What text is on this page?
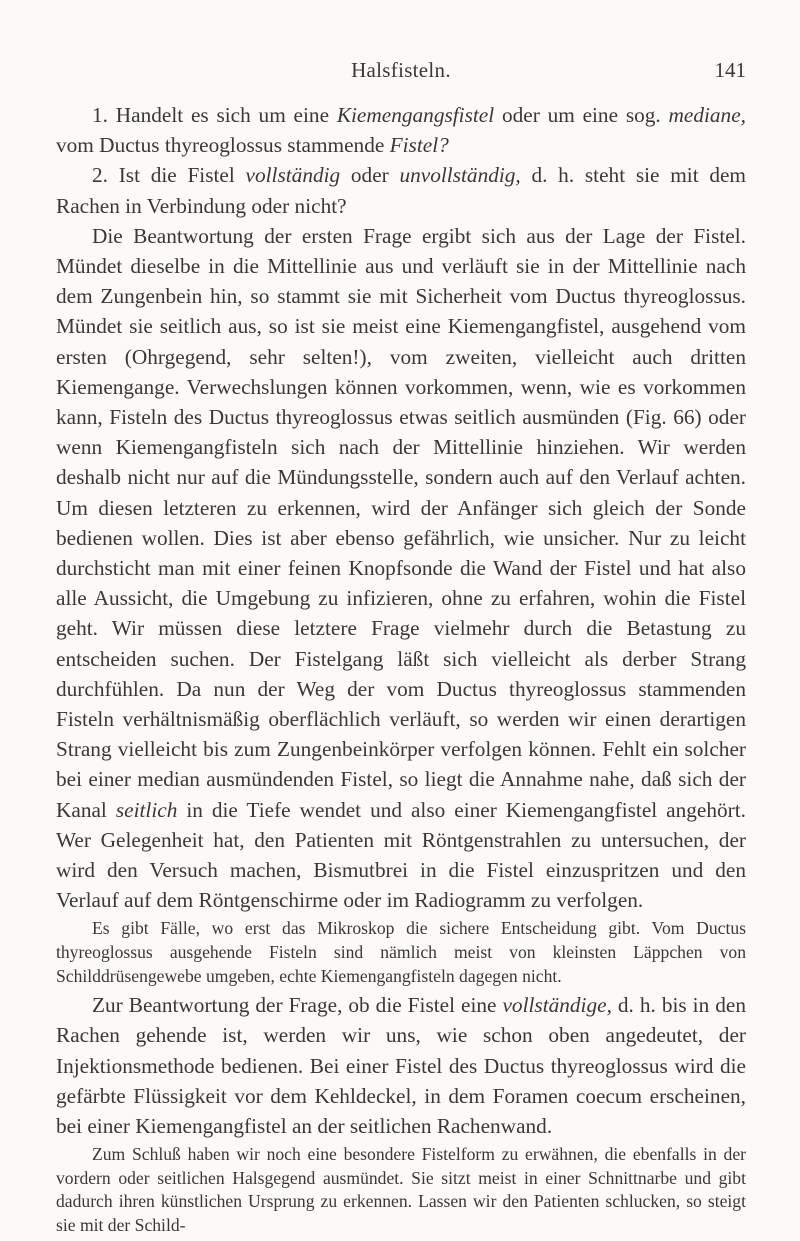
Halsfisteln.	141

1. Handelt es sich um eine Kiemengangsfistel oder um eine sog. mediane, vom Ductus thyreoglossus stammende Fistel?

2. Ist die Fistel vollständig oder unvollständig, d. h. steht sie mit dem Rachen in Verbindung oder nicht?

Die Beantwortung der ersten Frage ergibt sich aus der Lage der Fistel. Mündet dieselbe in die Mittellinie aus und verläuft sie in der Mittellinie nach dem Zungenbein hin, so stammt sie mit Sicherheit vom Ductus thyreoglossus. Mündet sie seitlich aus, so ist sie meist eine Kiemengangfistel, ausgehend vom ersten (Ohrgegend, sehr selten!), vom zweiten, vielleicht auch dritten Kiemengange. Verwechslungen können vorkommen, wenn, wie es vorkommen kann, Fisteln des Ductus thyreoglossus etwas seitlich ausmünden (Fig. 66) oder wenn Kiemengangfisteln sich nach der Mittellinie hinziehen. Wir werden deshalb nicht nur auf die Mündungsstelle, sondern auch auf den Verlauf achten. Um diesen letzteren zu erkennen, wird der Anfänger sich gleich der Sonde bedienen wollen. Dies ist aber ebenso gefährlich, wie unsicher. Nur zu leicht durchsticht man mit einer feinen Knopfsonde die Wand der Fistel und hat also alle Aussicht, die Umgebung zu infizieren, ohne zu erfahren, wohin die Fistel geht. Wir müssen diese letztere Frage vielmehr durch die Betastung zu entscheiden suchen. Der Fistelgang läßt sich vielleicht als derber Strang durchfühlen. Da nun der Weg der vom Ductus thyreoglossus stammenden Fisteln verhältnismäßig oberflächlich verläuft, so werden wir einen derartigen Strang vielleicht bis zum Zungenbeinkörper verfolgen können. Fehlt ein solcher bei einer median ausmündenden Fistel, so liegt die Annahme nahe, daß sich der Kanal seitlich in die Tiefe wendet und also einer Kiemengangfistel angehört. Wer Gelegenheit hat, den Patienten mit Röntgenstrahlen zu untersuchen, der wird den Versuch machen, Bismutbrei in die Fistel einzuspritzen und den Verlauf auf dem Röntgenschirme oder im Radiogramm zu verfolgen.

Es gibt Fälle, wo erst das Mikroskop die sichere Entscheidung gibt. Vom Ductus thyreoglossus ausgehende Fisteln sind nämlich meist von kleinsten Läppchen von Schilddrüsengewebe umgeben, echte Kiemengangfisteln dagegen nicht.

Zur Beantwortung der Frage, ob die Fistel eine vollständige, d. h. bis in den Rachen gehende ist, werden wir uns, wie schon oben angedeutet, der Injektionsmethode bedienen. Bei einer Fistel des Ductus thyreoglossus wird die gefärbte Flüssigkeit vor dem Kehldeckel, in dem Foramen coecum erscheinen, bei einer Kiemengangfistel an der seitlichen Rachenwand.

Zum Schluß haben wir noch eine besondere Fistelform zu erwähnen, die ebenfalls in der vordern oder seitlichen Halsgegend ausmündet. Sie sitzt meist in einer Schnittnarbe und gibt dadurch ihren künstlichen Ursprung zu erkennen. Lassen wir den Patienten schlucken, so steigt sie mit der Schild-
